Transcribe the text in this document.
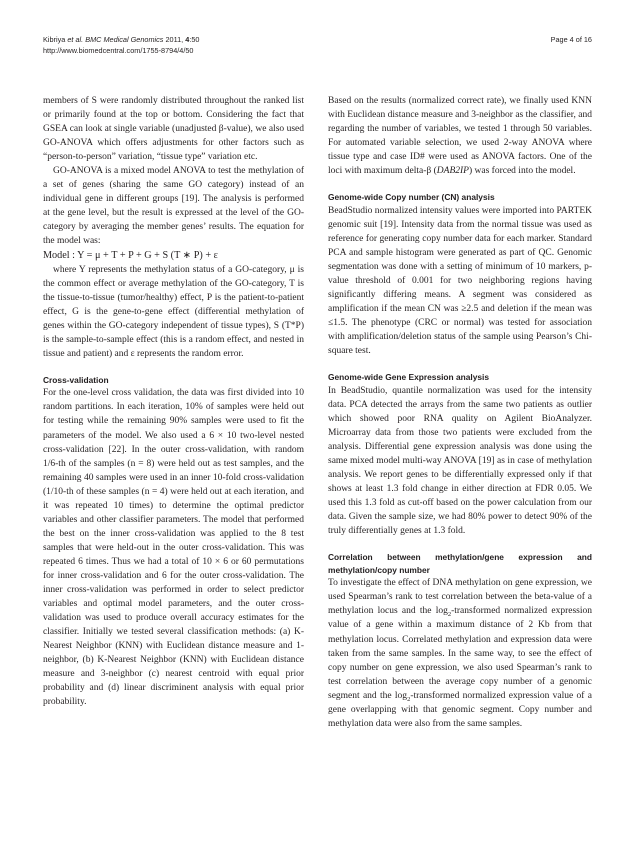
Kibriya et al. BMC Medical Genomics 2011, 4:50
http://www.biomedcentral.com/1755-8794/4/50
Page 4 of 16

members of S were randomly distributed throughout the ranked list or primarily found at the top or bottom. Considering the fact that GSEA can look at single variable (unadjusted β-value), we also used GO-ANOVA which offers adjustments for other factors such as “person-to-person” variation, “tissue type” variation etc.

GO-ANOVA is a mixed model ANOVA to test the methylation of a set of genes (sharing the same GO category) instead of an individual gene in different groups [19]. The analysis is performed at the gene level, but the result is expressed at the level of the GO-category by averaging the member genes’ results. The equation for the model was:

Model : Y = μ + T + P + G + S (T ∗ P) + ε

where Y represents the methylation status of a GO-category, μ is the common effect or average methylation of the GO-category, T is the tissue-to-tissue (tumor/healthy) effect, P is the patient-to-patient effect, G is the gene-to-gene effect (differential methylation of genes within the GO-category independent of tissue types), S (T*P) is the sample-to-sample effect (this is a random effect, and nested in tissue and patient) and ε represents the random error.

Cross-validation

For the one-level cross validation, the data was first divided into 10 random partitions. In each iteration, 10% of samples were held out for testing while the remaining 90% samples were used to fit the parameters of the model. We also used a 6 × 10 two-level nested cross-validation [22]. In the outer cross-validation, with random 1/6-th of the samples (n = 8) were held out as test samples, and the remaining 40 samples were used in an inner 10-fold cross-validation (1/10-th of these samples (n = 4) were held out at each iteration, and it was repeated 10 times) to determine the optimal predictor variables and other classifier parameters. The model that performed the best on the inner cross-validation was applied to the 8 test samples that were held-out in the outer cross-validation. This was repeated 6 times. Thus we had a total of 10 × 6 or 60 permutations for inner cross-validation and 6 for the outer cross-validation. The inner cross-validation was performed in order to select predictor variables and optimal model parameters, and the outer cross-validation was used to produce overall accuracy estimates for the classifier. Initially we tested several classification methods: (a) K-Nearest Neighbor (KNN) with Euclidean distance measure and 1-neighbor, (b) K-Nearest Neighbor (KNN) with Euclidean distance measure and 3-neighbor (c) nearest centroid with equal prior probability and (d) linear discriminent analysis with equal prior probability.

Based on the results (normalized correct rate), we finally used KNN with Euclidean distance measure and 3-neighbor as the classifier, and regarding the number of variables, we tested 1 through 50 variables. For automated variable selection, we used 2-way ANOVA where tissue type and case ID# were used as ANOVA factors. One of the loci with maximum delta-β (DAB2IP) was forced into the model.

Genome-wide Copy number (CN) analysis

BeadStudio normalized intensity values were imported into PARTEK genomic suit [19]. Intensity data from the normal tissue was used as reference for generating copy number data for each marker. Standard PCA and sample histogram were generated as part of QC. Genomic segmentation was done with a setting of minimum of 10 markers, p-value threshold of 0.001 for two neighboring regions having significantly differing means. A segment was considered as amplification if the mean CN was ≥2.5 and deletion if the mean was ≤1.5. The phenotype (CRC or normal) was tested for association with amplification/deletion status of the sample using Pearson’s Chi-square test.

Genome-wide Gene Expression analysis

In BeadStudio, quantile normalization was used for the intensity data. PCA detected the arrays from the same two patients as outlier which showed poor RNA quality on Agilent BioAnalyzer. Microarray data from those two patients were excluded from the analysis. Differential gene expression analysis was done using the same mixed model multi-way ANOVA [19] as in case of methylation analysis. We report genes to be differentially expressed only if that shows at least 1.3 fold change in either direction at FDR 0.05. We used this 1.3 fold as cut-off based on the power calculation from our data. Given the sample size, we had 80% power to detect 90% of the truly differentially genes at 1.3 fold.

Correlation between methylation/gene expression and methylation/copy number

To investigate the effect of DNA methylation on gene expression, we used Spearman’s rank to test correlation between the beta-value of a methylation locus and the $\log_2$-transformed normalized expression value of a gene within a maximum distance of 2 Kb from that methylation locus. Correlated methylation and expression data were taken from the same samples. In the same way, to see the effect of copy number on gene expression, we also used Spearman’s rank to test correlation between the average copy number of a genomic segment and the $\log_2$-transformed normalized expression value of a gene overlapping with that genomic segment. Copy number and methylation data were also from the same samples.
